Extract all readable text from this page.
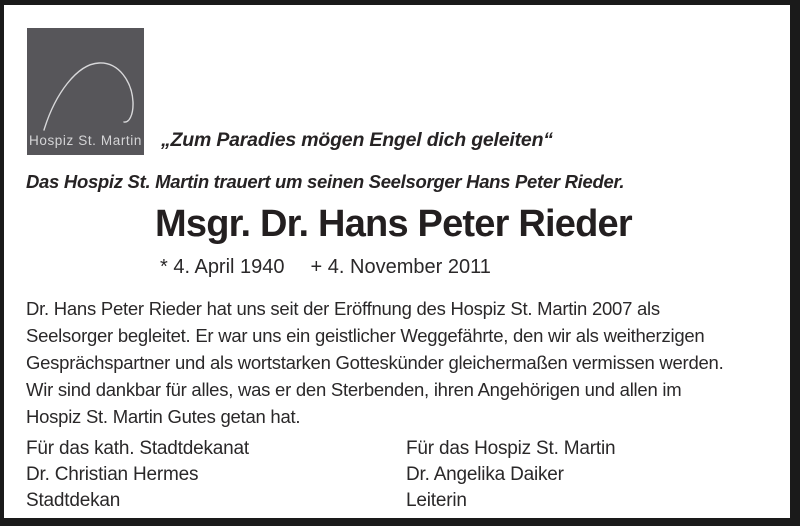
Hospiz St. Martin „Zum Paradies mögen Engel dich geleiten“
Das Hospiz St. Martin trauert um seinen Seelsorger Hans Peter Rieder.
Msgr. Dr. Hans Peter Rieder
* 4. April 1940 + 4. November 2011
Dr. Hans Peter Rieder hat uns seit der Eröffnung des Hospiz St. Martin 2007 als
Seelsorger begleitet. Er war uns ein geistlicher Weggefährte, den wir als weitherzigen
Gesprächspartner und als wortstarken Gotteskünder gleichermaßen vermissen werden.
Wir sind dankbar für alles, was er den Sterbenden, ihren Angehörigen und allen im
Hospiz St. Martin Gutes getan hat.
Für das kath. Stadtdekanat
Dr. Christian Hermes
Stadtdekan
Für das Hospiz St. Martin
Dr. Angelika Daiker
Leiterin
